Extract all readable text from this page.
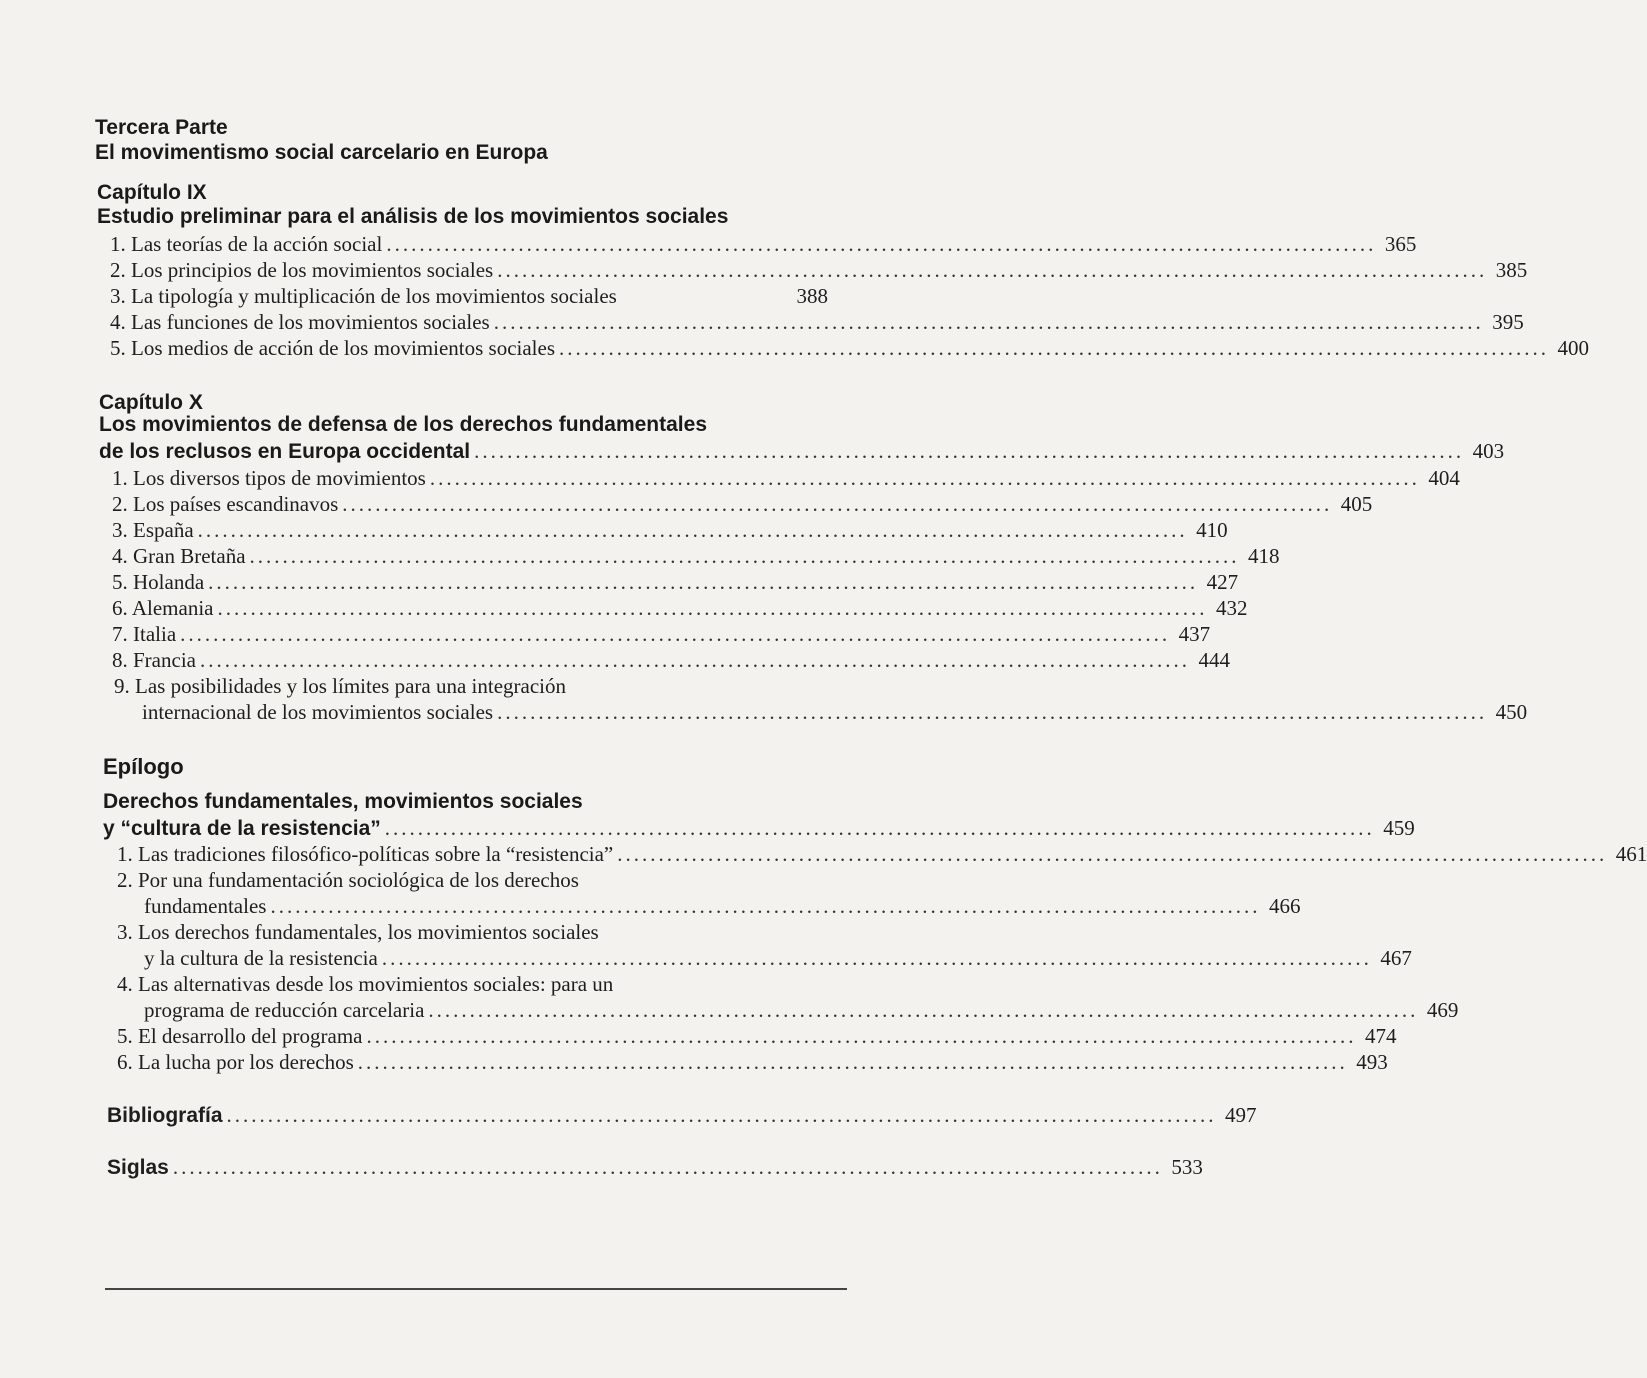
Tercera Parte
El movimentismo social carcelario en Europa
Capítulo IX
Estudio preliminar para el análisis de los movimientos sociales
1. Las teorías de la acción social ........................................................................................................................ 365
2. Los principios de los movimientos sociales ........................................................................................................................ 385
3. La tipología y multiplicación de los movimientos sociales	388
4. Las funciones de los movimientos sociales ........................................................................................................................ 395
5. Los medios de acción de los movimientos sociales ........................................................................................................................ 400
Capítulo X
Los movimientos de defensa de los derechos fundamentales
de los reclusos en Europa occidental ........................................................................................................................ 403
1. Los diversos tipos de movimientos ........................................................................................................................ 404
2. Los países escandinavos ........................................................................................................................ 405
3. España ........................................................................................................................ 410
4. Gran Bretaña ........................................................................................................................ 418
5. Holanda ........................................................................................................................ 427
6. Alemania ........................................................................................................................ 432
7. Italia ........................................................................................................................ 437
8. Francia ........................................................................................................................ 444
9. Las posibilidades y los límites para una integración
internacional de los movimientos sociales ........................................................................................................................ 450
Epílogo
Derechos fundamentales, movimientos sociales
y “cultura de la resistencia” ........................................................................................................................ 459
1. Las tradiciones filosófico-políticas sobre la “resistencia” ........................................................................................................................ 461
2. Por una fundamentación sociológica de los derechos
fundamentales ........................................................................................................................ 466
3. Los derechos fundamentales, los movimientos sociales
y la cultura de la resistencia ........................................................................................................................ 467
4. Las alternativas desde los movimientos sociales: para un
programa de reducción carcelaria ........................................................................................................................ 469
5. El desarrollo del programa ........................................................................................................................ 474
6. La lucha por los derechos ........................................................................................................................ 493
Bibliografía ........................................................................................................................ 497
Siglas ........................................................................................................................ 533
